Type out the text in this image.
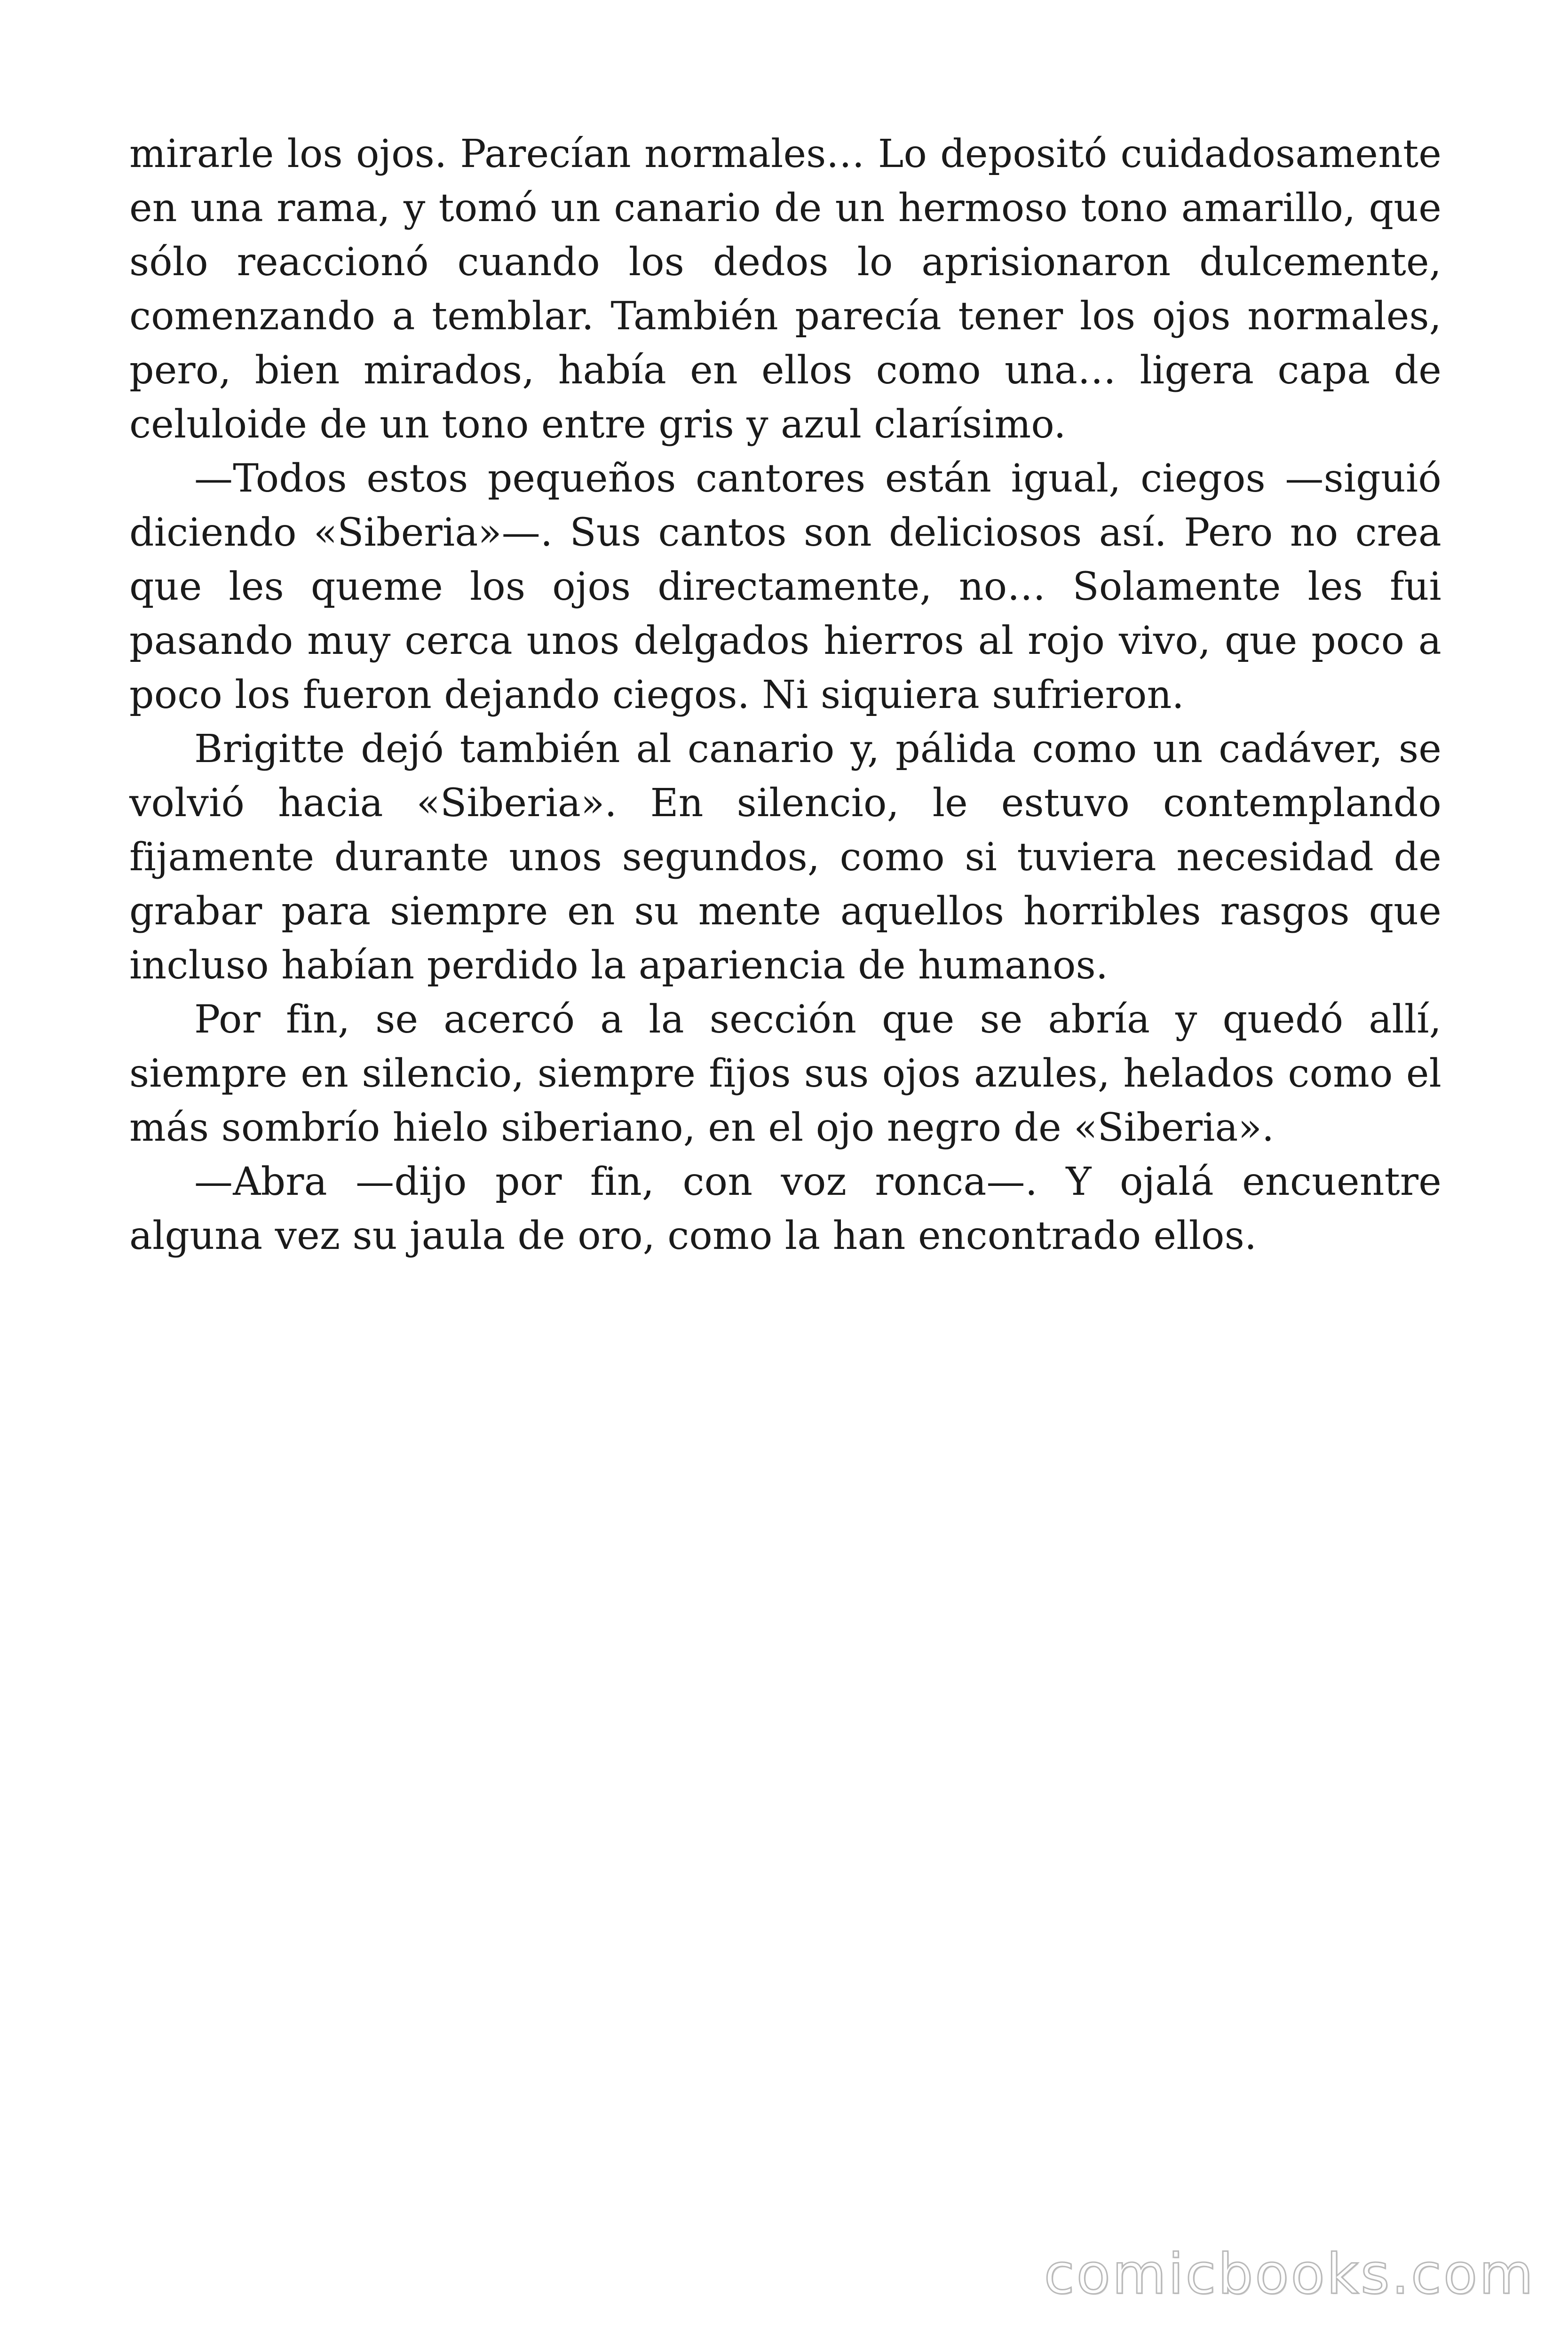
mirarle los ojos. Parecían normales… Lo depositó cuidadosamente en una rama, y tomó un canario de un hermoso tono amarillo, que sólo reaccionó cuando los dedos lo aprisionaron dulcemente, comenzando a temblar. También parecía tener los ojos normales, pero, bien mirados, había en ellos como una… ligera capa de celuloide de un tono entre gris y azul clarísimo.

—Todos estos pequeños cantores están igual, ciegos —siguió diciendo «Siberia»—. Sus cantos son deliciosos así. Pero no crea que les queme los ojos directamente, no… Solamente les fui pasando muy cerca unos delgados hierros al rojo vivo, que poco a poco los fueron dejando ciegos. Ni siquiera sufrieron.

Brigitte dejó también al canario y, pálida como un cadáver, se volvió hacia «Siberia». En silencio, le estuvo contemplando fijamente durante unos segundos, como si tuviera necesidad de grabar para siempre en su mente aquellos horribles rasgos que incluso habían perdido la apariencia de humanos.

Por fin, se acercó a la sección que se abría y quedó allí, siempre en silencio, siempre fijos sus ojos azules, helados como el más sombrío hielo siberiano, en el ojo negro de «Siberia».

—Abra —dijo por fin, con voz ronca—. Y ojalá encuentre alguna vez su jaula de oro, como la han encontrado ellos.

comicbooks.com
